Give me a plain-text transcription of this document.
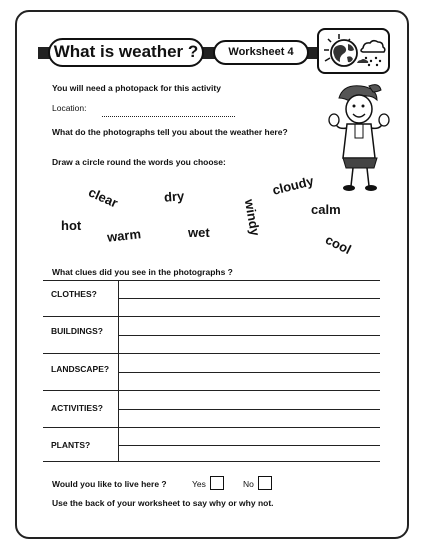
What is weather ?	Worksheet 4
You will need a photopack for this activity
Location:
What do the photographs tell you about the weather here?
Draw a circle round the words you choose:
clear	dry	cloudy
windy	calm
hot
warm	wet	cool
What clues did you see in the photographs ?
CLOTHES?
BUILDINGS?
LANDSCAPE?
ACTIVITIES?
PLANTS?
Would you like to live here ?	Yes	No
Use the back of your worksheet to say why or why not.
